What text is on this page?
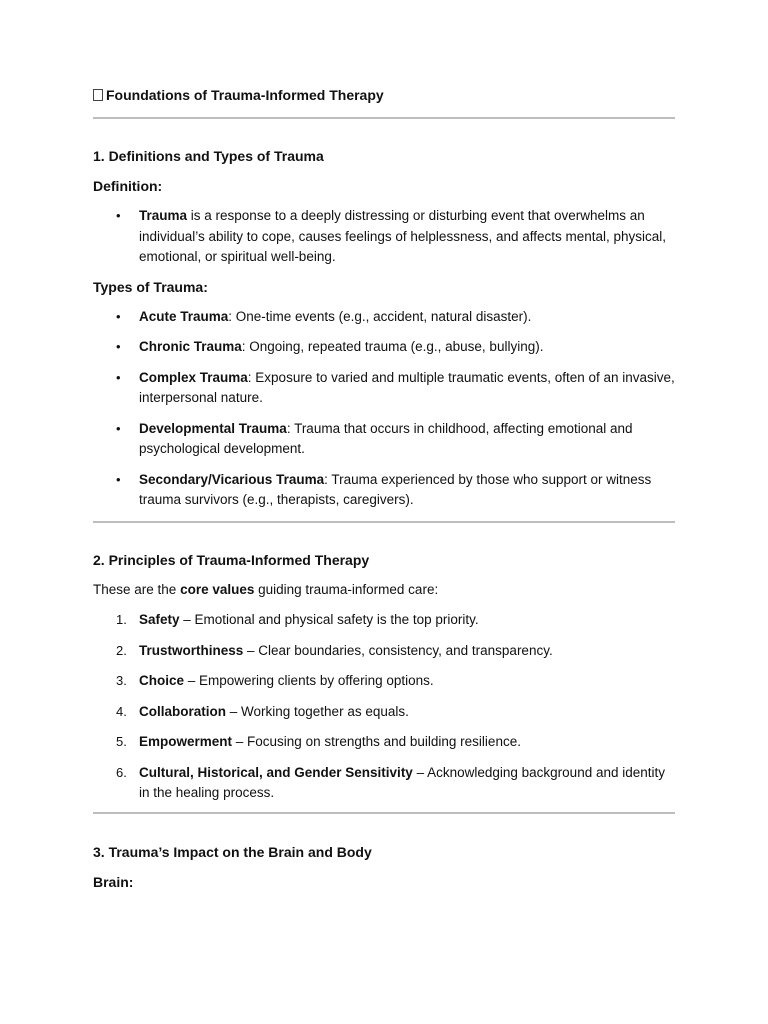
Foundations of Trauma-Informed Therapy
1. Definitions and Types of Trauma
Definition:
• Trauma is a response to a deeply distressing or disturbing event that overwhelms an individual’s ability to cope, causes feelings of helplessness, and affects mental, physical, emotional, or spiritual well-being.
Types of Trauma:
• Acute Trauma: One-time events (e.g., accident, natural disaster).
• Chronic Trauma: Ongoing, repeated trauma (e.g., abuse, bullying).
• Complex Trauma: Exposure to varied and multiple traumatic events, often of an invasive, interpersonal nature.
• Developmental Trauma: Trauma that occurs in childhood, affecting emotional and psychological development.
• Secondary/Vicarious Trauma: Trauma experienced by those who support or witness trauma survivors (e.g., therapists, caregivers).
2. Principles of Trauma-Informed Therapy
These are the core values guiding trauma-informed care:
1. Safety – Emotional and physical safety is the top priority.
2. Trustworthiness – Clear boundaries, consistency, and transparency.
3. Choice – Empowering clients by offering options.
4. Collaboration – Working together as equals.
5. Empowerment – Focusing on strengths and building resilience.
6. Cultural, Historical, and Gender Sensitivity – Acknowledging background and identity in the healing process.
3. Trauma’s Impact on the Brain and Body
Brain:
